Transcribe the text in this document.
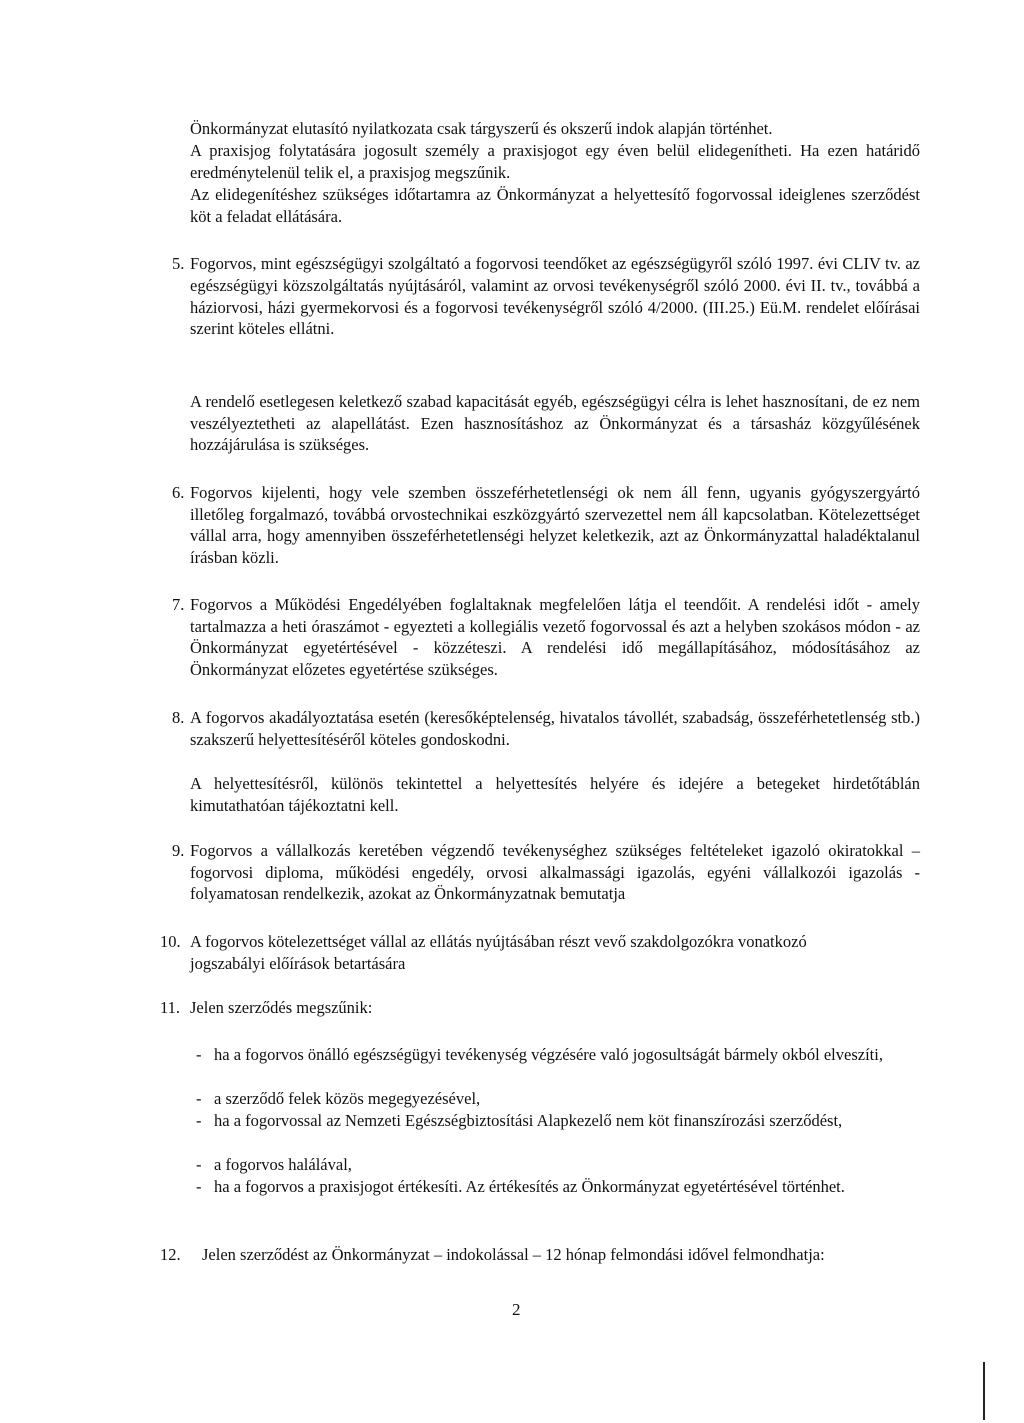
Önkormányzat elutasító nyilatkozata csak tárgyszerű és okszerű indok alapján történhet.
A praxisjog folytatására jogosult személy a praxisjogot egy éven belül elidegenítheti. Ha ezen határidő eredménytelenül telik el, a praxisjog megszűnik.
Az elidegenítéshez szükséges időtartamra az Önkormányzat a helyettesítő fogorvossal ideiglenes szerződést köt a feladat ellátására.
5. Fogorvos, mint egészségügyi szolgáltató a fogorvosi teendőket az egészségügyről szóló 1997. évi CLIV tv. az egészségügyi közszolgáltatás nyújtásáról, valamint az orvosi tevékenységről szóló 2000. évi II. tv., továbbá a háziorvosi, házi gyermekorvosi és a fogorvosi tevékenységről szóló 4/2000. (III.25.) Eü.M. rendelet előírásai szerint köteles ellátni.
A rendelő esetlegesen keletkező szabad kapacitását egyéb, egészségügyi célra is lehet hasznosítani, de ez nem veszélyeztetheti az alapellátást. Ezen hasznosításhoz az Önkormányzat és a társasház közgyűlésének hozzájárulása is szükséges.
6. Fogorvos kijelenti, hogy vele szemben összeférhetetlenségi ok nem áll fenn, ugyanis gyógyszergyártó illetőleg forgalmazó, továbbá orvostechnikai eszközgyártó szervezettel nem áll kapcsolatban. Kötelezettséget vállal arra, hogy amennyiben összeférhetetlenségi helyzet keletkezik, azt az Önkormányzattal haladéktalanul írásban közli.
7. Fogorvos a Működési Engedélyében foglaltaknak megfelelően látja el teendőit. A rendelési időt - amely tartalmazza a heti óraszámot - egyezteti a kollegiális vezető fogorvossal és azt a helyben szokásos módon - az Önkormányzat egyetértésével - közzéteszi. A rendelési idő megállapításához, módosításához az Önkormányzat előzetes egyetértése szükséges.
8. A fogorvos akadályoztatása esetén (keresőképtelenség, hivatalos távollét, szabadság, összeférhetetlenség stb.) szakszerű helyettesítéséről köteles gondoskodni.
A helyettesítésről, különös tekintettel a helyettesítés helyére és idejére a betegeket hirdetőtáblán kimutathatóan tájékoztatni kell.
9. Fogorvos a vállalkozás keretében végzendő tevékenységhez szükséges feltételeket igazoló okiratokkal – fogorvosi diploma, működési engedély, orvosi alkalmassági igazolás, egyéni vállalkozói igazolás - folyamatosan rendelkezik, azokat az Önkormányzatnak bemutatja
10. A fogorvos kötelezettséget vállal az ellátás nyújtásában részt vevő szakdolgozókra vonatkozó jogszabályi előírások betartására
11. Jelen szerződés megszűnik:
- ha a fogorvos önálló egészségügyi tevékenység végzésére való jogosultságát bármely okból elveszíti,
- a szerződő felek közös megegyezésével,
- ha a fogorvossal az Nemzeti Egészségbiztosítási Alapkezelő nem köt finanszírozási szerződést,
- a fogorvos halálával,
- ha a fogorvos a praxisjogot értékesíti. Az értékesítés az Önkormányzat egyetértésével történhet.
12. Jelen szerződést az Önkormányzat – indokolással – 12 hónap felmondási idővel felmondhatja:
2
